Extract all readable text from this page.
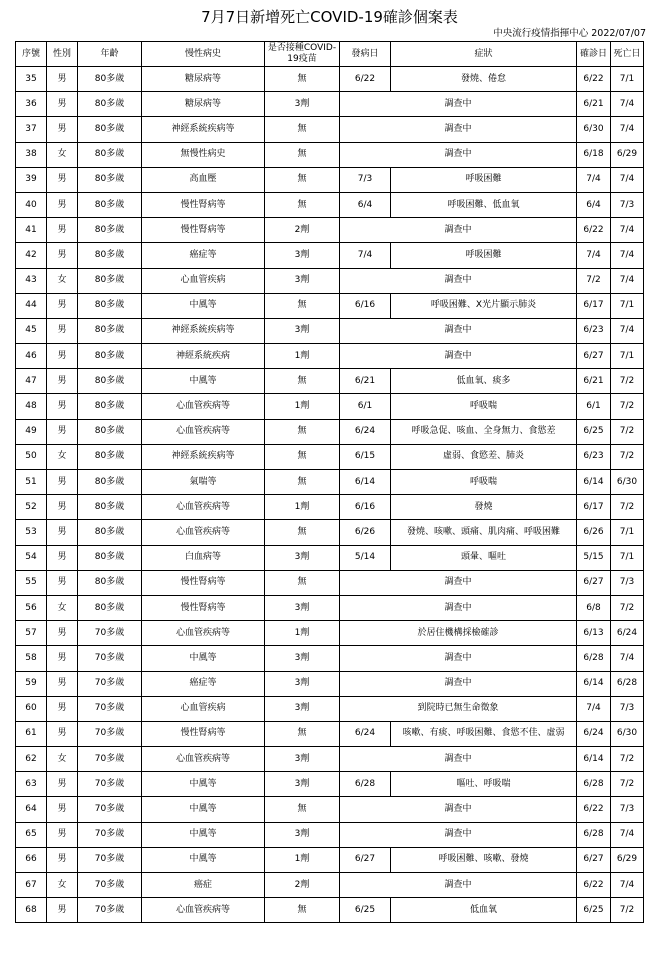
7月7日新增死亡COVID-19確診個案表
中央流行疫情指揮中心 2022/07/07
序號	性別	年齡	慢性病史	是否接種COVID-19疫苗	發病日	症狀	確診日	死亡日
35	男	80多歲	糖尿病等	無	6/22	發燒、倦怠	6/22	7/1
36	男	80多歲	糖尿病等	3劑	調查中		6/21	7/4
37	男	80多歲	神經系統疾病等	無	調查中		6/30	7/4
38	女	80多歲	無慢性病史	無	調查中		6/18	6/29
39	男	80多歲	高血壓	無	7/3	呼吸困難	7/4	7/4
40	男	80多歲	慢性腎病等	無	6/4	呼吸困難、低血氧	6/4	7/3
41	男	80多歲	慢性腎病等	2劑	調查中		6/22	7/4
42	男	80多歲	癌症等	3劑	7/4	呼吸困難	7/4	7/4
43	女	80多歲	心血管疾病	3劑	調查中		7/2	7/4
44	男	80多歲	中風等	無	6/16	呼吸困難、X光片顯示肺炎	6/17	7/1
45	男	80多歲	神經系統疾病等	3劑	調查中		6/23	7/4
46	男	80多歲	神經系統疾病	1劑	調查中		6/27	7/1
47	男	80多歲	中風等	無	6/21	低血氧、痰多	6/21	7/2
48	男	80多歲	心血管疾病等	1劑	6/1	呼吸喘	6/1	7/2
49	男	80多歲	心血管疾病等	無	6/24	呼吸急促、咳血、全身無力、食慾差	6/25	7/2
50	女	80多歲	神經系統疾病等	無	6/15	虛弱、食慾差、肺炎	6/23	7/2
51	男	80多歲	氣喘等	無	6/14	呼吸喘	6/14	6/30
52	男	80多歲	心血管疾病等	1劑	6/16	發燒	6/17	7/2
53	男	80多歲	心血管疾病等	無	6/26	發燒、咳嗽、頭痛、肌肉痛、呼吸困難	6/26	7/1
54	男	80多歲	白血病等	3劑	5/14	頭暈、嘔吐	5/15	7/1
55	男	80多歲	慢性腎病等	無	調查中		6/27	7/3
56	女	80多歲	慢性腎病等	3劑	調查中		6/8	7/2
57	男	70多歲	心血管疾病等	1劑	於居住機構採檢確診		6/13	6/24
58	男	70多歲	中風等	3劑	調查中		6/28	7/4
59	男	70多歲	癌症等	3劑	調查中		6/14	6/28
60	男	70多歲	心血管疾病	3劑	到院時已無生命徵象		7/4	7/3
61	男	70多歲	慢性腎病等	無	6/24	咳嗽、有痰、呼吸困難、食慾不佳、虛弱	6/24	6/30
62	女	70多歲	心血管疾病等	3劑	調查中		6/14	7/2
63	男	70多歲	中風等	3劑	6/28	嘔吐、呼吸喘	6/28	7/2
64	男	70多歲	中風等	無	調查中		6/22	7/3
65	男	70多歲	中風等	3劑	調查中		6/28	7/4
66	男	70多歲	中風等	1劑	6/27	呼吸困難、咳嗽、發燒	6/27	6/29
67	女	70多歲	癌症	2劑	調查中		6/22	7/4
68	男	70多歲	心血管疾病等	無	6/25	低血氧	6/25	7/2
